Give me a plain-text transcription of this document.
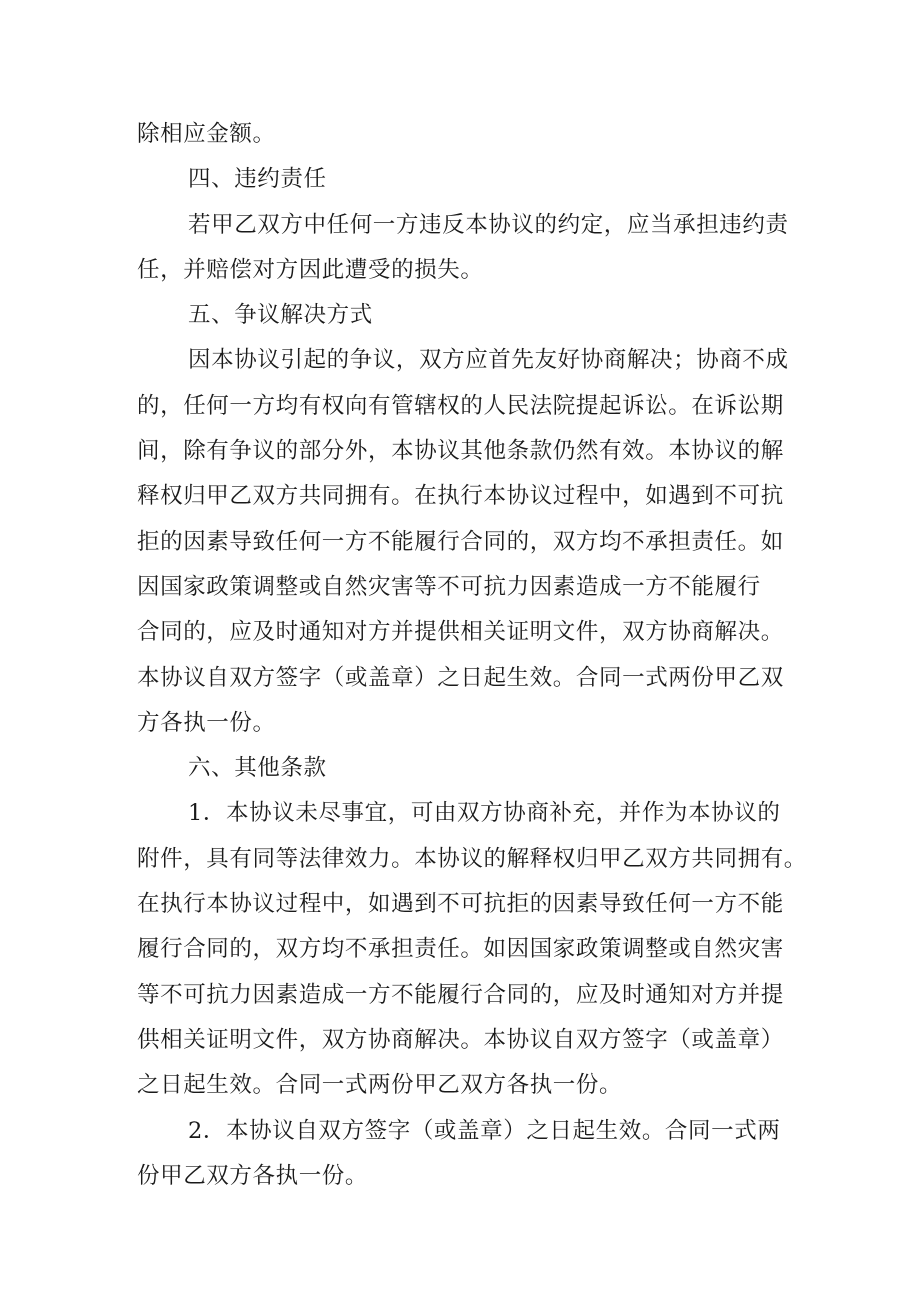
除相应金额。
四、违约责任
若甲乙双方中任何一方违反本协议的约定，应当承担违约责
任，并赔偿对方因此遭受的损失。
五、争议解决方式
因本协议引起的争议，双方应首先友好协商解决；协商不成
的，任何一方均有权向有管辖权的人民法院提起诉讼。在诉讼期
间，除有争议的部分外，本协议其他条款仍然有效。本协议的解
释权归甲乙双方共同拥有。在执行本协议过程中，如遇到不可抗
拒的因素导致任何一方不能履行合同的，双方均不承担责任。如
因国家政策调整或自然灾害等不可抗力因素造成一方不能履行
合同的，应及时通知对方并提供相关证明文件，双方协商解决。
本协议自双方签字（或盖章）之日起生效。合同一式两份甲乙双
方各执一份。
六、其他条款
1．本协议未尽事宜，可由双方协商补充，并作为本协议的
附件，具有同等法律效力。本协议的解释权归甲乙双方共同拥有。
在执行本协议过程中，如遇到不可抗拒的因素导致任何一方不能
履行合同的，双方均不承担责任。如因国家政策调整或自然灾害
等不可抗力因素造成一方不能履行合同的，应及时通知对方并提
供相关证明文件，双方协商解决。本协议自双方签字（或盖章）
之日起生效。合同一式两份甲乙双方各执一份。
2．本协议自双方签字（或盖章）之日起生效。合同一式两
份甲乙双方各执一份。
